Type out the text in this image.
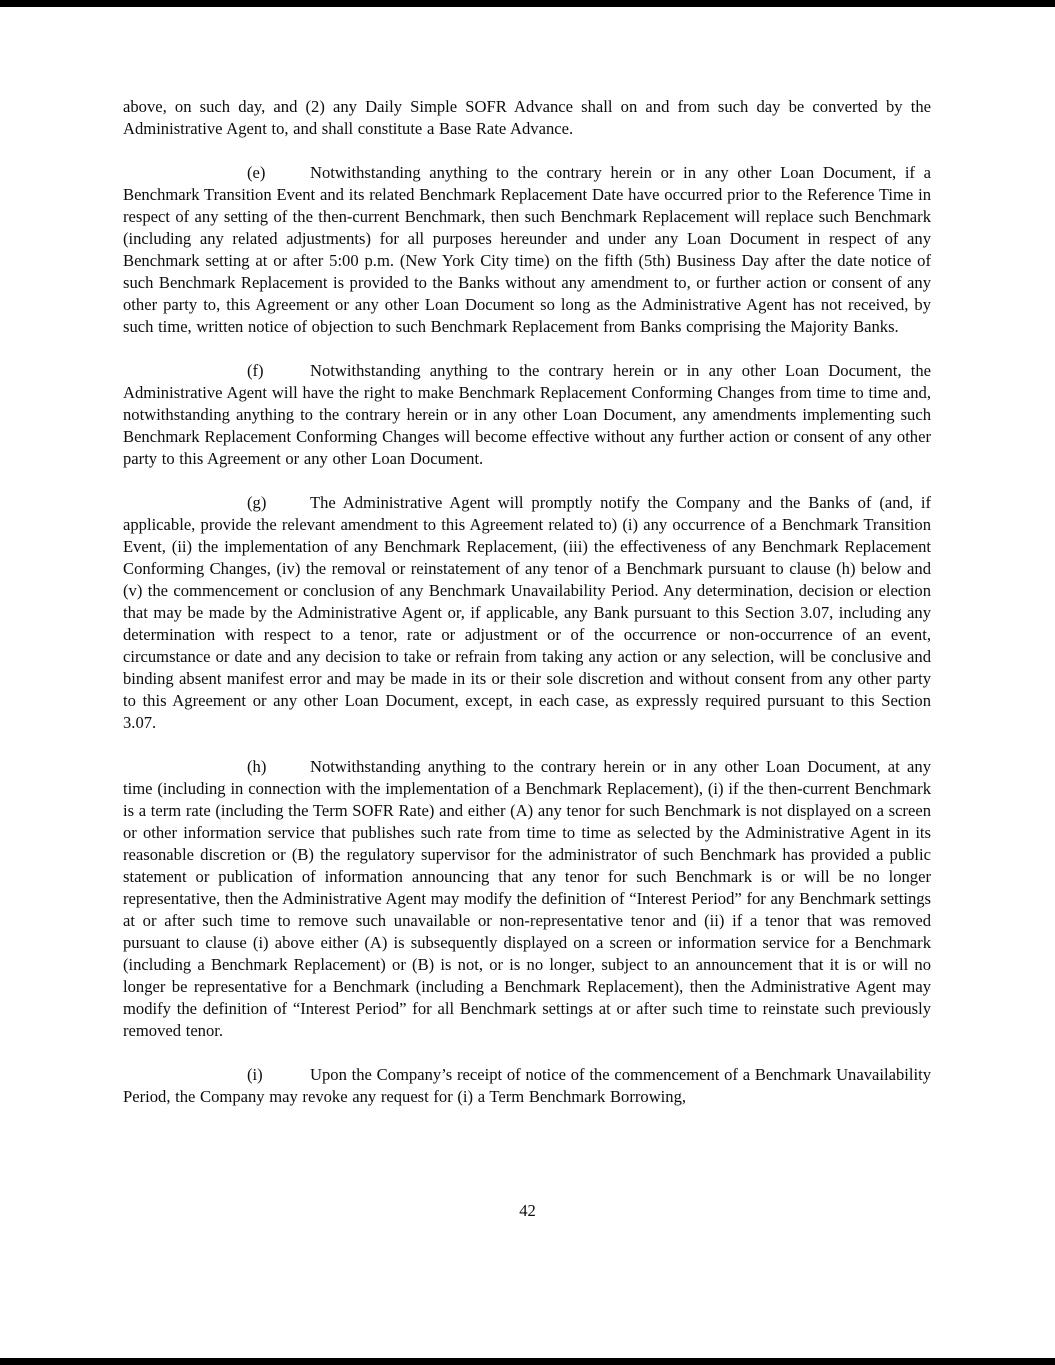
above, on such day, and (2) any Daily Simple SOFR Advance shall on and from such day be converted by the Administrative Agent to, and shall constitute a Base Rate Advance.

(e)	Notwithstanding anything to the contrary herein or in any other Loan Document, if a Benchmark Transition Event and its related Benchmark Replacement Date have occurred prior to the Reference Time in respect of any setting of the then-current Benchmark, then such Benchmark Replacement will replace such Benchmark (including any related adjustments) for all purposes hereunder and under any Loan Document in respect of any Benchmark setting at or after 5:00 p.m. (New York City time) on the fifth (5th) Business Day after the date notice of such Benchmark Replacement is provided to the Banks without any amendment to, or further action or consent of any other party to, this Agreement or any other Loan Document so long as the Administrative Agent has not received, by such time, written notice of objection to such Benchmark Replacement from Banks comprising the Majority Banks.

(f)	Notwithstanding anything to the contrary herein or in any other Loan Document, the Administrative Agent will have the right to make Benchmark Replacement Conforming Changes from time to time and, notwithstanding anything to the contrary herein or in any other Loan Document, any amendments implementing such Benchmark Replacement Conforming Changes will become effective without any further action or consent of any other party to this Agreement or any other Loan Document.

(g)	The Administrative Agent will promptly notify the Company and the Banks of (and, if applicable, provide the relevant amendment to this Agreement related to) (i) any occurrence of a Benchmark Transition Event, (ii) the implementation of any Benchmark Replacement, (iii) the effectiveness of any Benchmark Replacement Conforming Changes, (iv) the removal or reinstatement of any tenor of a Benchmark pursuant to clause (h) below and (v) the commencement or conclusion of any Benchmark Unavailability Period. Any determination, decision or election that may be made by the Administrative Agent or, if applicable, any Bank pursuant to this Section 3.07, including any determination with respect to a tenor, rate or adjustment or of the occurrence or non-occurrence of an event, circumstance or date and any decision to take or refrain from taking any action or any selection, will be conclusive and binding absent manifest error and may be made in its or their sole discretion and without consent from any other party to this Agreement or any other Loan Document, except, in each case, as expressly required pursuant to this Section 3.07.

(h)	Notwithstanding anything to the contrary herein or in any other Loan Document, at any time (including in connection with the implementation of a Benchmark Replacement), (i) if the then-current Benchmark is a term rate (including the Term SOFR Rate) and either (A) any tenor for such Benchmark is not displayed on a screen or other information service that publishes such rate from time to time as selected by the Administrative Agent in its reasonable discretion or (B) the regulatory supervisor for the administrator of such Benchmark has provided a public statement or publication of information announcing that any tenor for such Benchmark is or will be no longer representative, then the Administrative Agent may modify the definition of “Interest Period” for any Benchmark settings at or after such time to remove such unavailable or non-representative tenor and (ii) if a tenor that was removed pursuant to clause (i) above either (A) is subsequently displayed on a screen or information service for a Benchmark (including a Benchmark Replacement) or (B) is not, or is no longer, subject to an announcement that it is or will no longer be representative for a Benchmark (including a Benchmark Replacement), then the Administrative Agent may modify the definition of “Interest Period” for all Benchmark settings at or after such time to reinstate such previously removed tenor.

(i)	Upon the Company’s receipt of notice of the commencement of a Benchmark Unavailability Period, the Company may revoke any request for (i) a Term Benchmark Borrowing,

42
